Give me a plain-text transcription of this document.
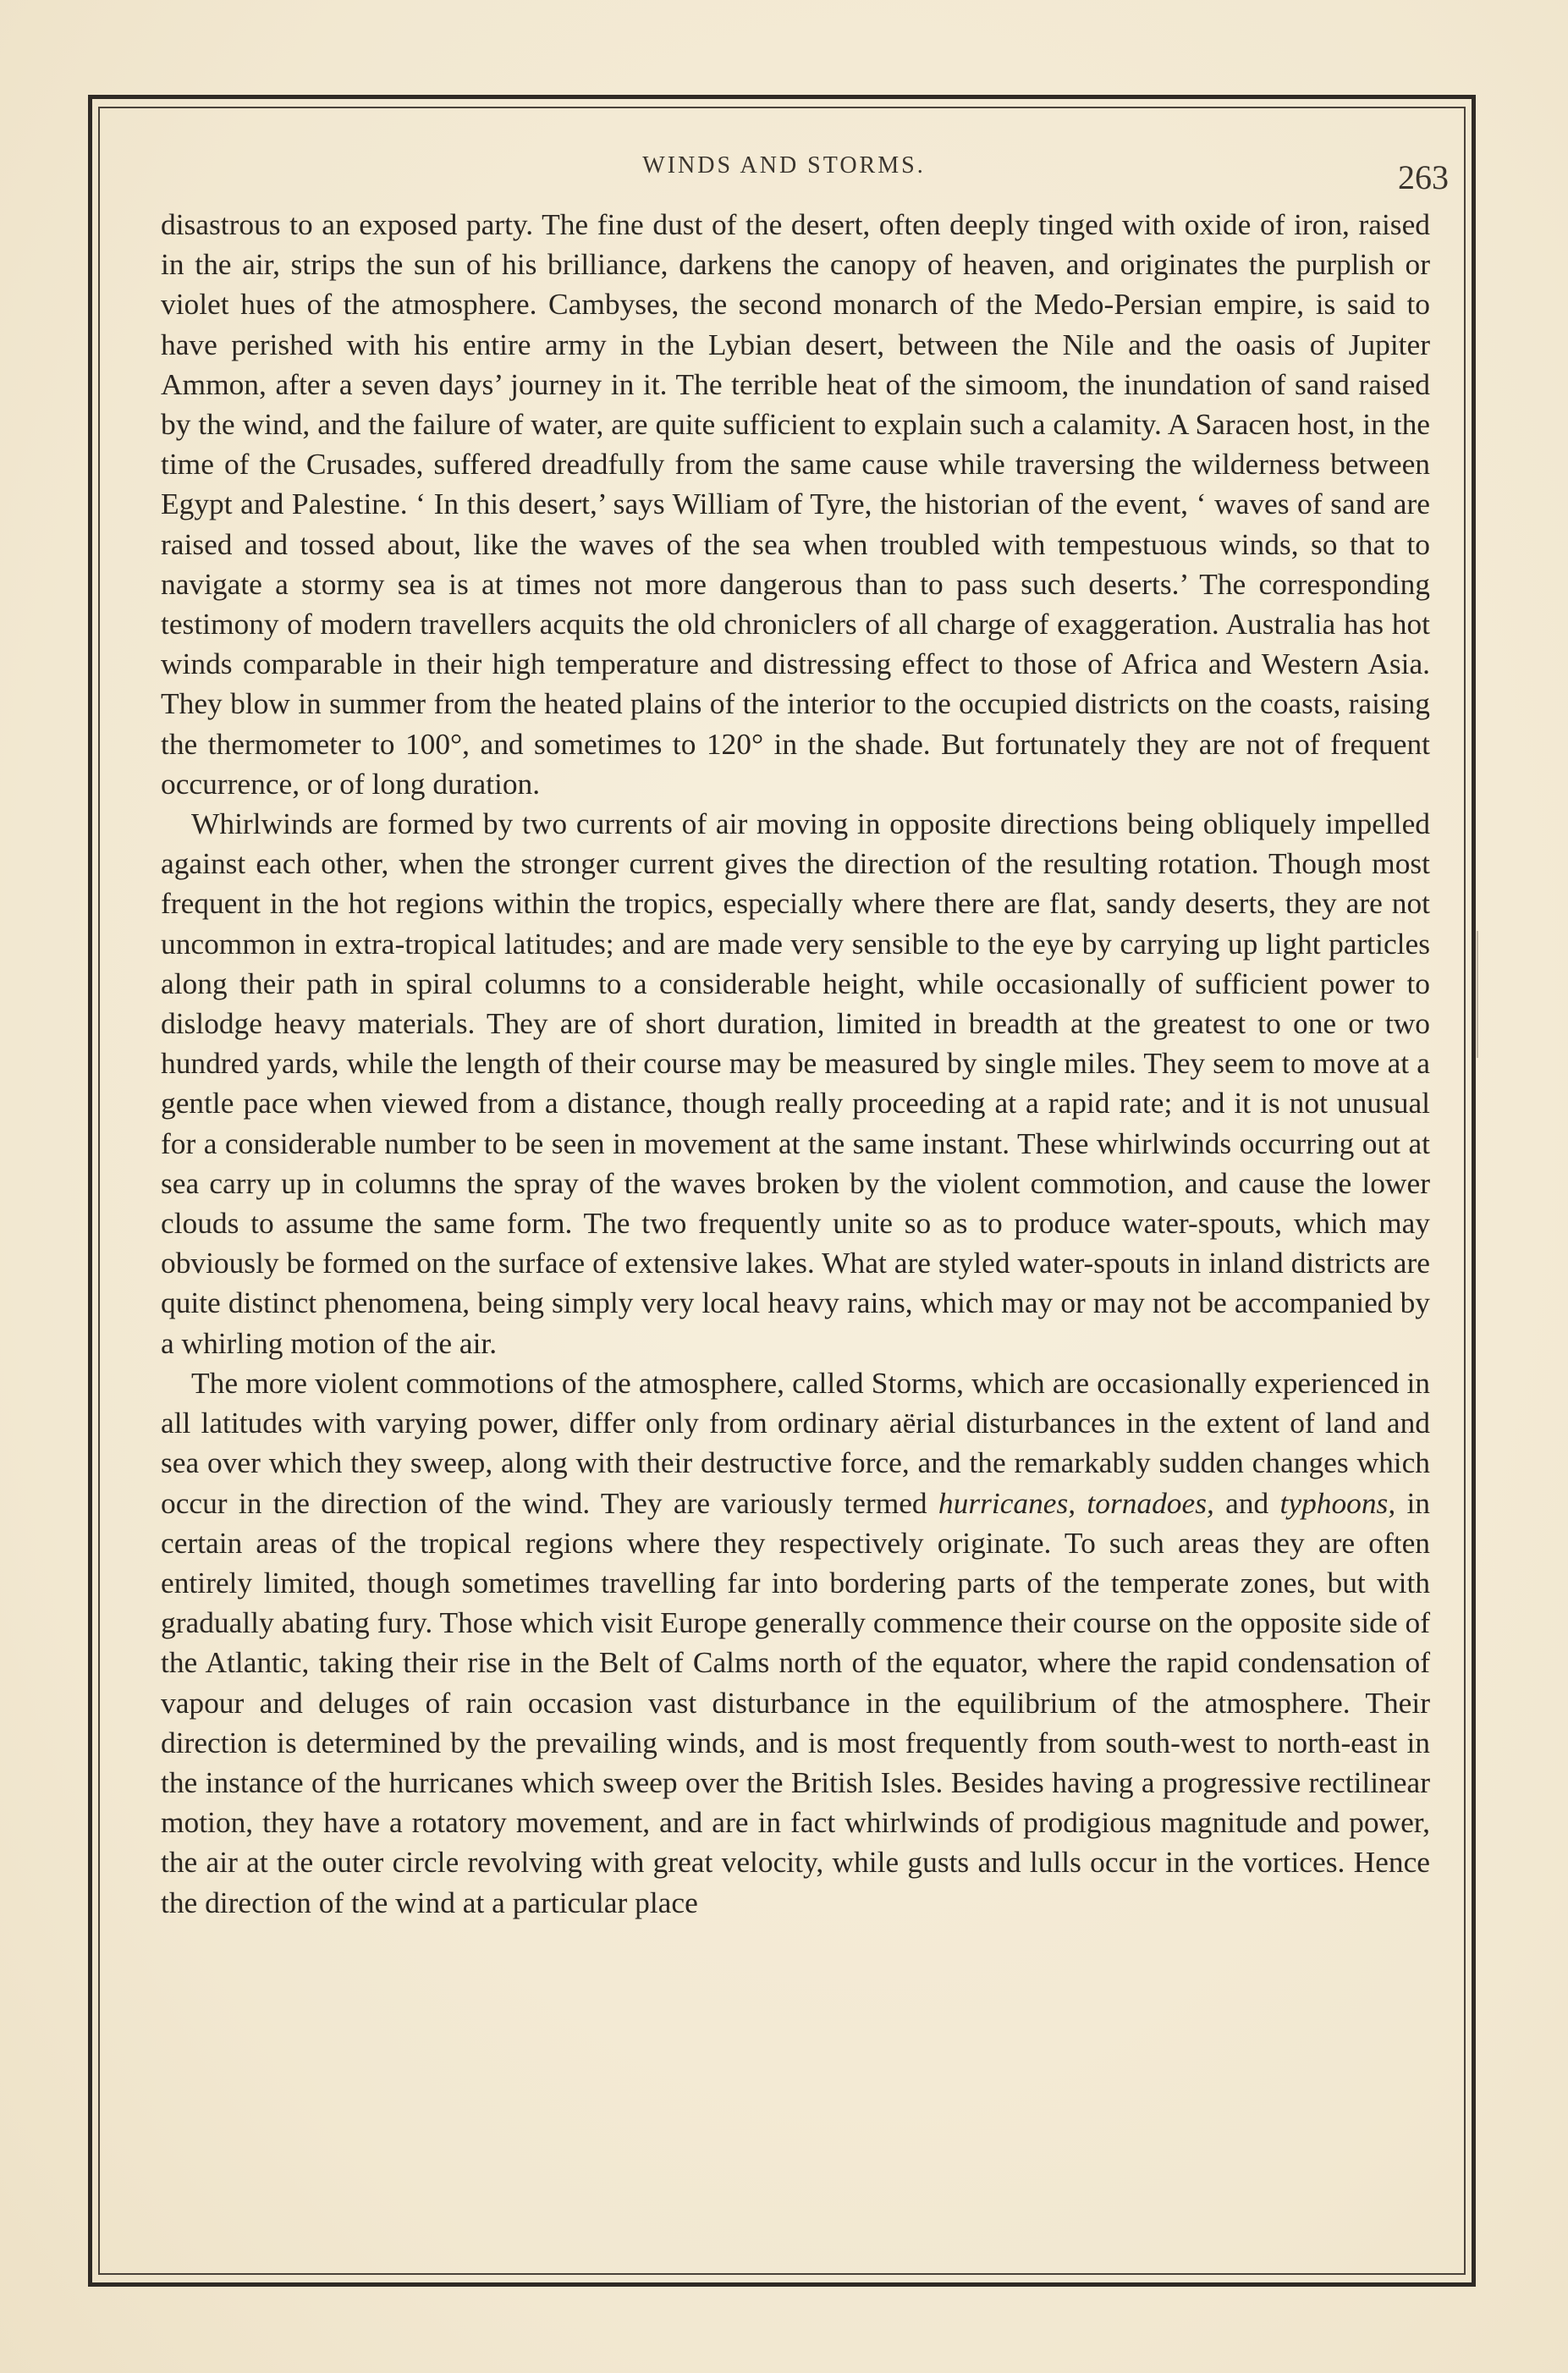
WINDS AND STORMS.	263

disastrous to an exposed party. The fine dust of the desert, often deeply tinged with oxide of iron, raised in the air, strips the sun of his brilliance, darkens the canopy of heaven, and originates the purplish or violet hues of the atmosphere. Cambyses, the second monarch of the Medo-Persian empire, is said to have perished with his entire army in the Lybian desert, between the Nile and the oasis of Jupiter Ammon, after a seven days’ journey in it. The terrible heat of the simoom, the inundation of sand raised by the wind, and the failure of water, are quite sufficient to explain such a calamity. A Saracen host, in the time of the Crusades, suffered dreadfully from the same cause while traversing the wilderness between Egypt and Palestine. ‘ In this desert,’ says William of Tyre, the historian of the event, ‘ waves of sand are raised and tossed about, like the waves of the sea when troubled with tempestuous winds, so that to navigate a stormy sea is at times not more dangerous than to pass such deserts.’ The corresponding testimony of modern travellers acquits the old chroniclers of all charge of exaggeration. Australia has hot winds comparable in their high temperature and distressing effect to those of Africa and Western Asia. They blow in summer from the heated plains of the interior to the occupied districts on the coasts, raising the thermometer to 100°, and sometimes to 120° in the shade. But fortunately they are not of frequent occurrence, or of long duration.

Whirlwinds are formed by two currents of air moving in opposite directions being obliquely impelled against each other, when the stronger current gives the direction of the resulting rotation. Though most frequent in the hot regions within the tropics, especially where there are flat, sandy deserts, they are not uncommon in extra-tropical latitudes; and are made very sensible to the eye by carrying up light particles along their path in spiral columns to a considerable height, while occasionally of sufficient power to dislodge heavy materials. They are of short duration, limited in breadth at the greatest to one or two hundred yards, while the length of their course may be measured by single miles. They seem to move at a gentle pace when viewed from a distance, though really proceeding at a rapid rate; and it is not unusual for a considerable number to be seen in movement at the same instant. These whirlwinds occurring out at sea carry up in columns the spray of the waves broken by the violent commotion, and cause the lower clouds to assume the same form. The two frequently unite so as to produce water-spouts, which may obviously be formed on the surface of extensive lakes. What are styled water-spouts in inland districts are quite distinct phenomena, being simply very local heavy rains, which may or may not be accompanied by a whirling motion of the air.

The more violent commotions of the atmosphere, called Storms, which are occasionally experienced in all latitudes with varying power, differ only from ordinary aërial disturbances in the extent of land and sea over which they sweep, along with their destructive force, and the remarkably sudden changes which occur in the direction of the wind. They are variously termed hurricanes, tornadoes, and typhoons, in certain areas of the tropical regions where they respectively originate. To such areas they are often entirely limited, though sometimes travelling far into bordering parts of the temperate zones, but with gradually abating fury. Those which visit Europe generally commence their course on the opposite side of the Atlantic, taking their rise in the Belt of Calms north of the equator, where the rapid condensation of vapour and deluges of rain occasion vast disturbance in the equilibrium of the atmosphere. Their direction is determined by the prevailing winds, and is most frequently from south-west to north-east in the instance of the hurricanes which sweep over the British Isles. Besides having a progressive rectilinear motion, they have a rotatory movement, and are in fact whirlwinds of prodigious magnitude and power, the air at the outer circle revolving with great velocity, while gusts and lulls occur in the vortices. Hence the direction of the wind at a particular place
